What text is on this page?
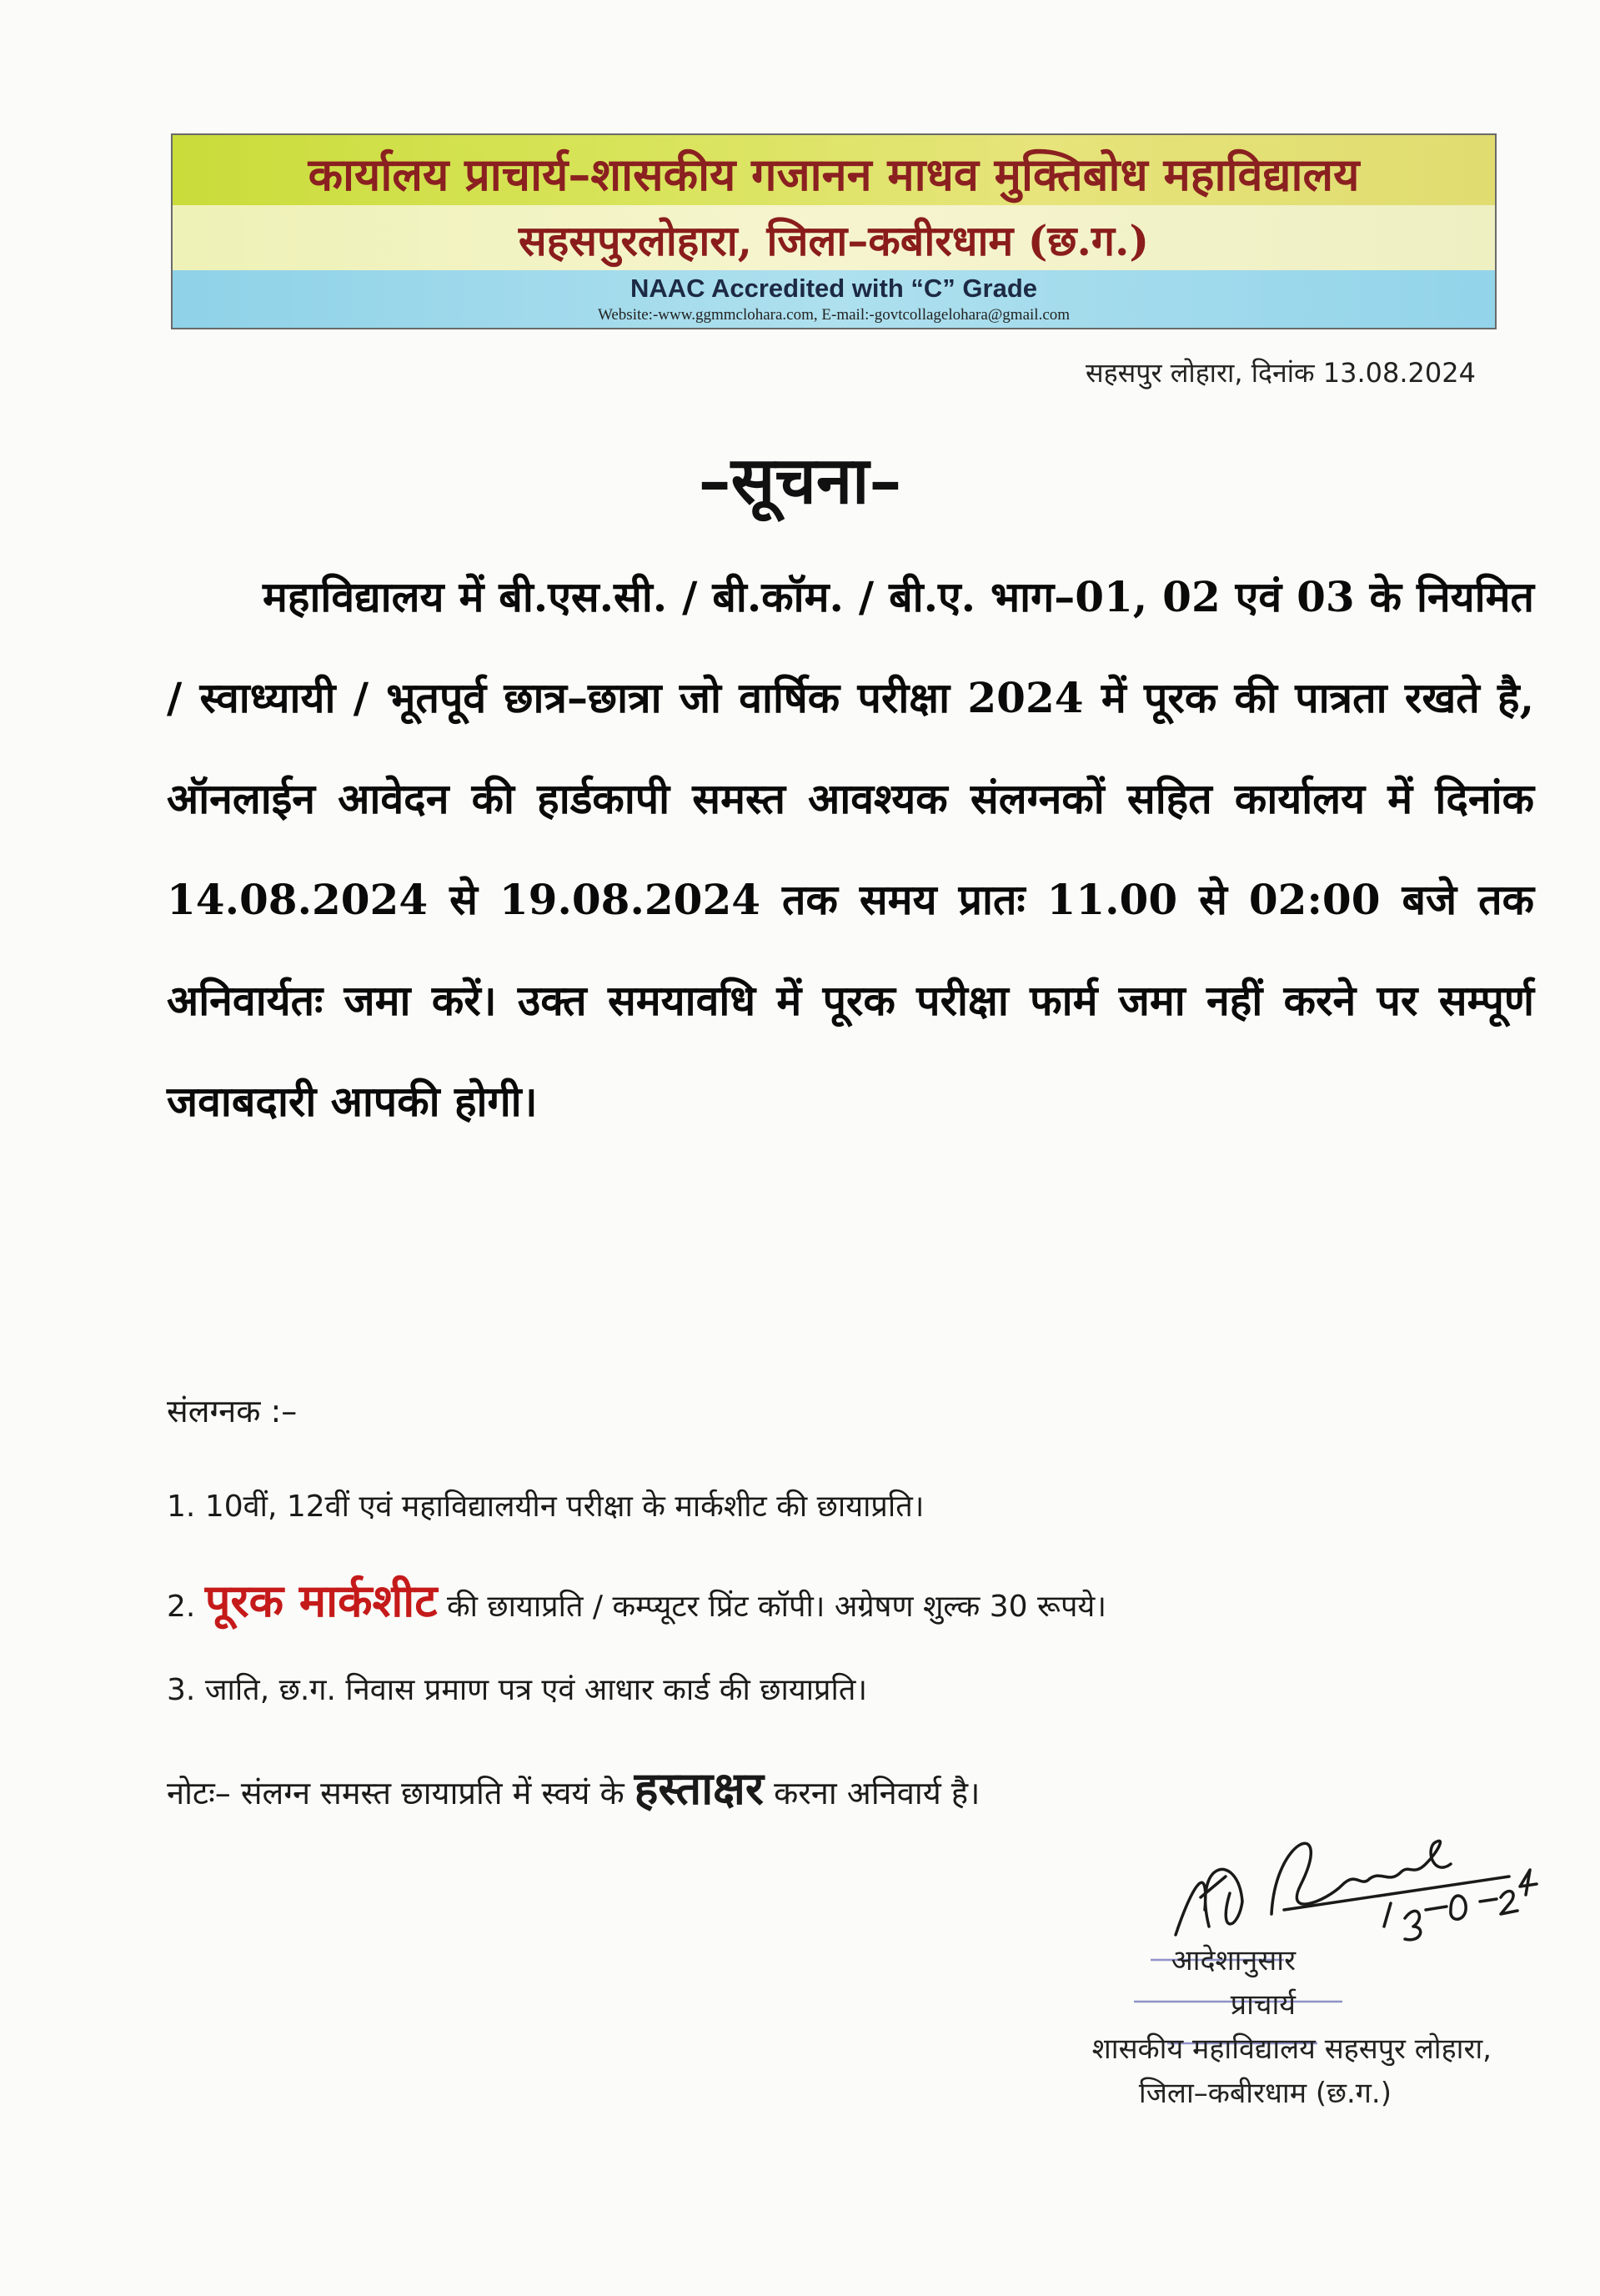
कार्यालय प्राचार्य–शासकीय गजानन माधव मुक्तिबोध महाविद्यालय
सहसपुरलोहारा, जिला–कबीरधाम (छ.ग.)
NAAC Accredited with “C” Grade
Website:-www.ggmmclohara.com, E-mail:-govtcollagelohara@gmail.com
सहसपुर लोहारा, दिनांक 13.08.2024
–सूचना–
महाविद्यालय में बी.एस.सी. / बी.कॉम. / बी.ए. भाग–01, 02 एवं 03 के नियमित / स्वाध्यायी / भूतपूर्व छात्र–छात्रा जो वार्षिक परीक्षा 2024 में पूरक की पात्रता रखते है, ऑनलाईन आवेदन की हार्डकापी समस्त आवश्यक संलग्नकों सहित कार्यालय में दिनांक 14.08.2024 से 19.08.2024 तक समय प्रातः 11.00 से 02:00 बजे तक अनिवार्यतः जमा करें। उक्त समयावधि में पूरक परीक्षा फार्म जमा नहीं करने पर सम्पूर्ण जवाबदारी आपकी होगी।
संलग्नक :–
1. 10वीं, 12वीं एवं महाविद्यालयीन परीक्षा के मार्कशीट की छायाप्रति।
2. पूरक मार्कशीट की छायाप्रति / कम्प्यूटर प्रिंट कॉपी। अग्रेषण शुल्क 30 रूपये।
3. जाति, छ.ग. निवास प्रमाण पत्र एवं आधार कार्ड की छायाप्रति।
नोटः– संलग्न समस्त छायाप्रति में स्वयं के हस्ताक्षर करना अनिवार्य है।
आदेशानुसार
प्राचार्य
शासकीय महाविद्यालय सहसपुर लोहारा,
जिला–कबीरधाम (छ.ग.)
